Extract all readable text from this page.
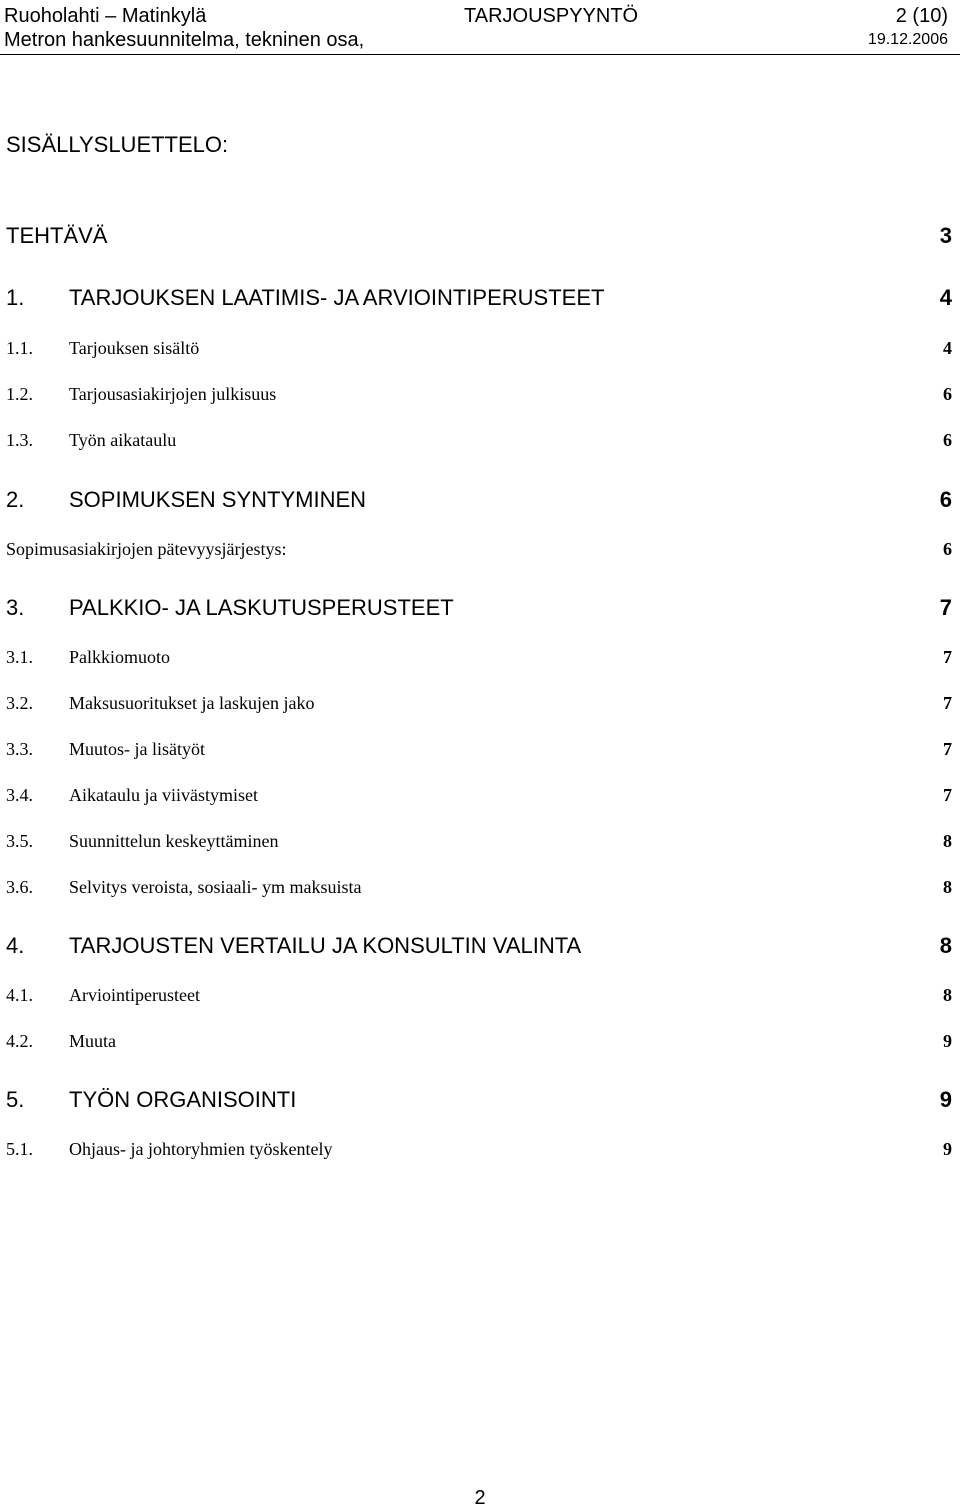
Ruoholahti – Matinkylä	TARJOUSPYYNTÖ	2 (10)
Metron hankesuunnitelma, tekninen osa,	19.12.2006
SISÄLLYSLUETTELO:
TEHTÄVÄ	3
1. TARJOUKSEN LAATIMIS- JA ARVIOINTIPERUSTEET	4
1.1. Tarjouksen sisältö	4
1.2. Tarjousasiakirjojen julkisuus	6
1.3. Työn aikataulu	6
2. SOPIMUKSEN SYNTYMINEN	6
Sopimusasiakirjojen pätevyysjärjestys:	6
3. PALKKIO- JA LASKUTUSPERUSTEET	7
3.1. Palkkiomuoto	7
3.2. Maksusuoritukset ja laskujen jako	7
3.3. Muutos- ja lisätyöt	7
3.4. Aikataulu ja viivästymiset	7
3.5. Suunnittelun keskeyttäminen	8
3.6. Selvitys veroista, sosiaali- ym maksuista	8
4. TARJOUSTEN VERTAILU JA KONSULTIN VALINTA	8
4.1. Arviointiperusteet	8
4.2. Muuta	9
5. TYÖN ORGANISOINTI	9
5.1. Ohjaus- ja johtoryhmien työskentely	9
2
